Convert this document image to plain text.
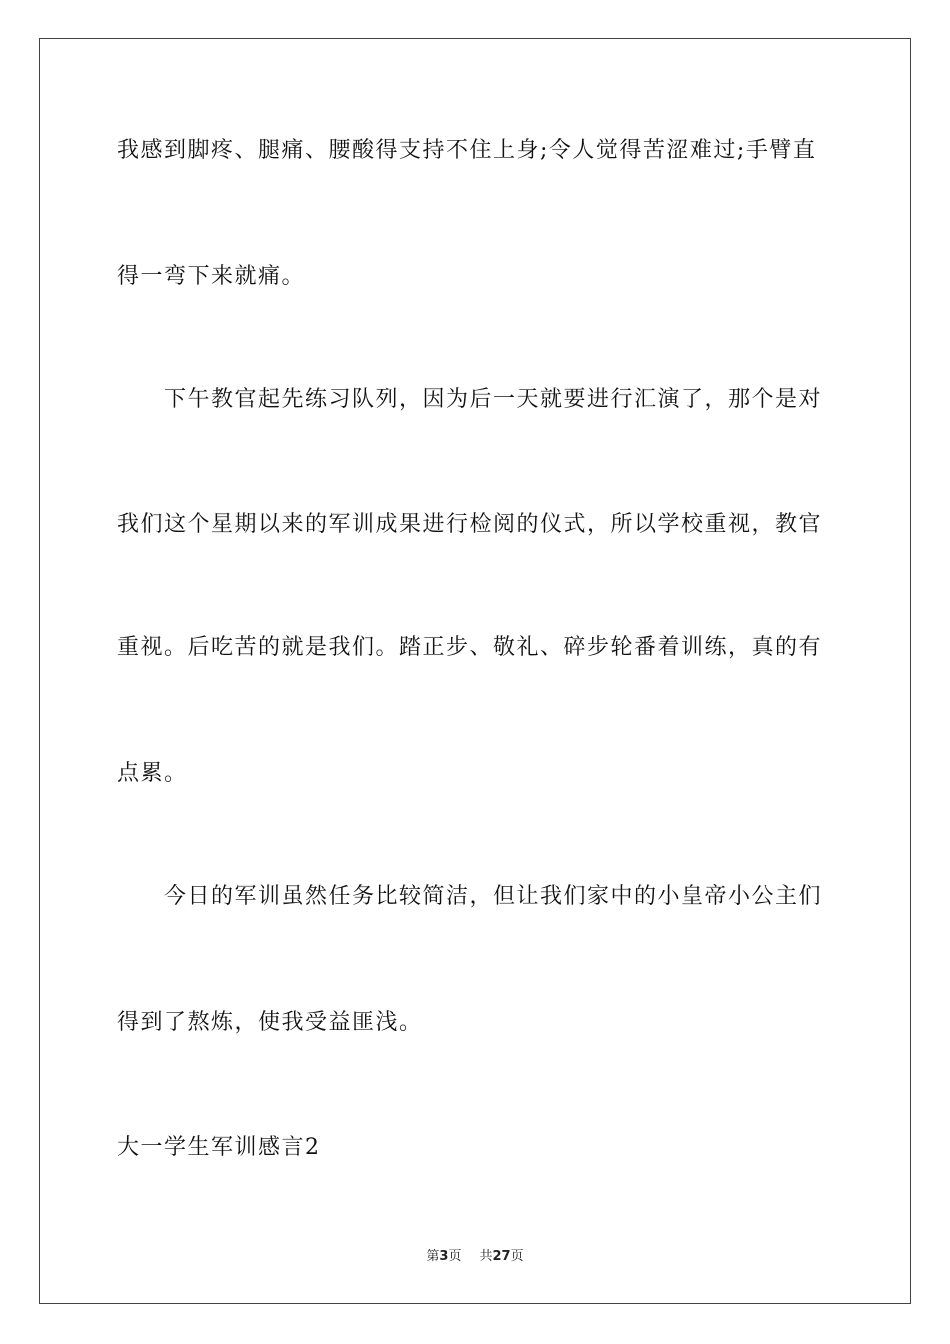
我感到脚疼、腿痛、腰酸得支持不住上身;令人觉得苦涩难过;手臂直
得一弯下来就痛。
　　下午教官起先练习队列，因为后一天就要进行汇演了，那个是对
我们这个星期以来的军训成果进行检阅的仪式，所以学校重视，教官
重视。后吃苦的就是我们。踏正步、敬礼、碎步轮番着训练，真的有
点累。
　　今日的军训虽然任务比较简洁，但让我们家中的小皇帝小公主们
得到了熬炼，使我受益匪浅。
大一学生军训感言2
第3页 共27页
